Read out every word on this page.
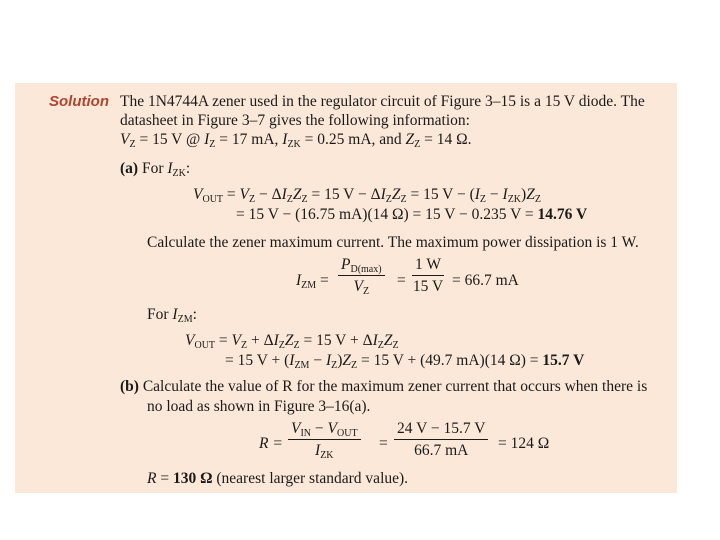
Solution The 1N4744A zener used in the regulator circuit of Figure 3–15 is a 15 V diode. The
datasheet in Figure 3–7 gives the following information:
$V_Z = 15$ V @ $I_Z = 17$ mA, $I_{ZK} = 0.25$ mA, and $Z_Z = 14$ Ω.
(a) For $I_{ZK}$:
$V_{OUT} = V_Z - \Delta I_ZZ_Z = 15$ $V - \Delta I_ZZ_Z = 15$ $V - (I_Z - I_{ZK})Z_Z$
= 15 V − (16.75 mA)(14 Ω) = 15 V − 0.235 V = 14.76 V
Calculate the zener maximum current. The maximum power dissipation is 1 W.
$I_{ZM}$ =
$P_{D(max)}$
$V_Z$
= $\frac{1 W}{15 V} = 66.7$ mA
For $I_{ZM}$:
$V_{OUT} = V_Z + \Delta I_ZZ_Z = 15$ $V + \Delta I_ZZ_Z$
= 15 $V + (I_{ZM} - I_Z)Z_Z = 15$ V + (49.7 mA)(14 Ω) = 15.7 V
(b) Calculate the value of R for the maximum zener current that occurs when there is
no load as shown in Figure 3–16(a).
R =
$V_{IN} - V_{OUT}$
$I_{ZK}$
= $\frac{24 V - 15.7 V}{66.7 mA} = 124$ Ω
R = 130 Ω (nearest larger standard value).
